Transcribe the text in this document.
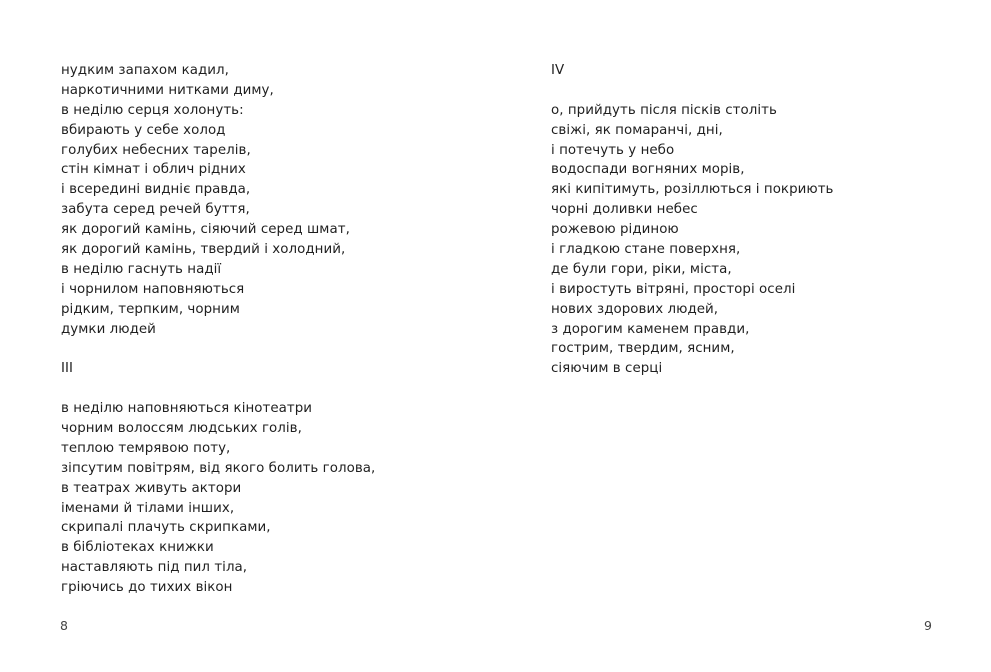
нудким запахом кадил,
наркотичними нитками диму,
в неділю серця холонуть:
вбирають у себе холод
голубих небесних тарелів,
стін кімнат і облич рідних
і всередині видніє правда,
забута серед речей буття,
як дорогий камінь, сіяючий серед шмат,
як дорогий камінь, твердий і холодний,
в неділю гаснуть надії
і чорнилом наповняються
рідким, терпким, чорним
думки людей
ІІІ
в неділю наповняються кінотеатри
чорним волоссям людських голів,
теплою темрявою поту,
зіпсутим повітрям, від якого болить голова,
в театрах живуть актори
іменами й тілами інших,
скрипалі плачуть скрипками,
в бібліотеках книжки
наставляють під пил тіла,
гріючись до тихих вікон
8
IV
о, прийдуть після пісків століть
свіжі, як помаранчі, дні,
і потечуть у небо
водоспади вогняних морів,
які кипітимуть, розіллються і покриють
чорні доливки небес
рожевою рідиною
і гладкою стане поверхня,
де були гори, ріки, міста,
і виростуть вітряні, просторі оселі
нових здорових людей,
з дорогим каменем правди,
гострим, твердим, ясним,
сіяючим в серці
9
